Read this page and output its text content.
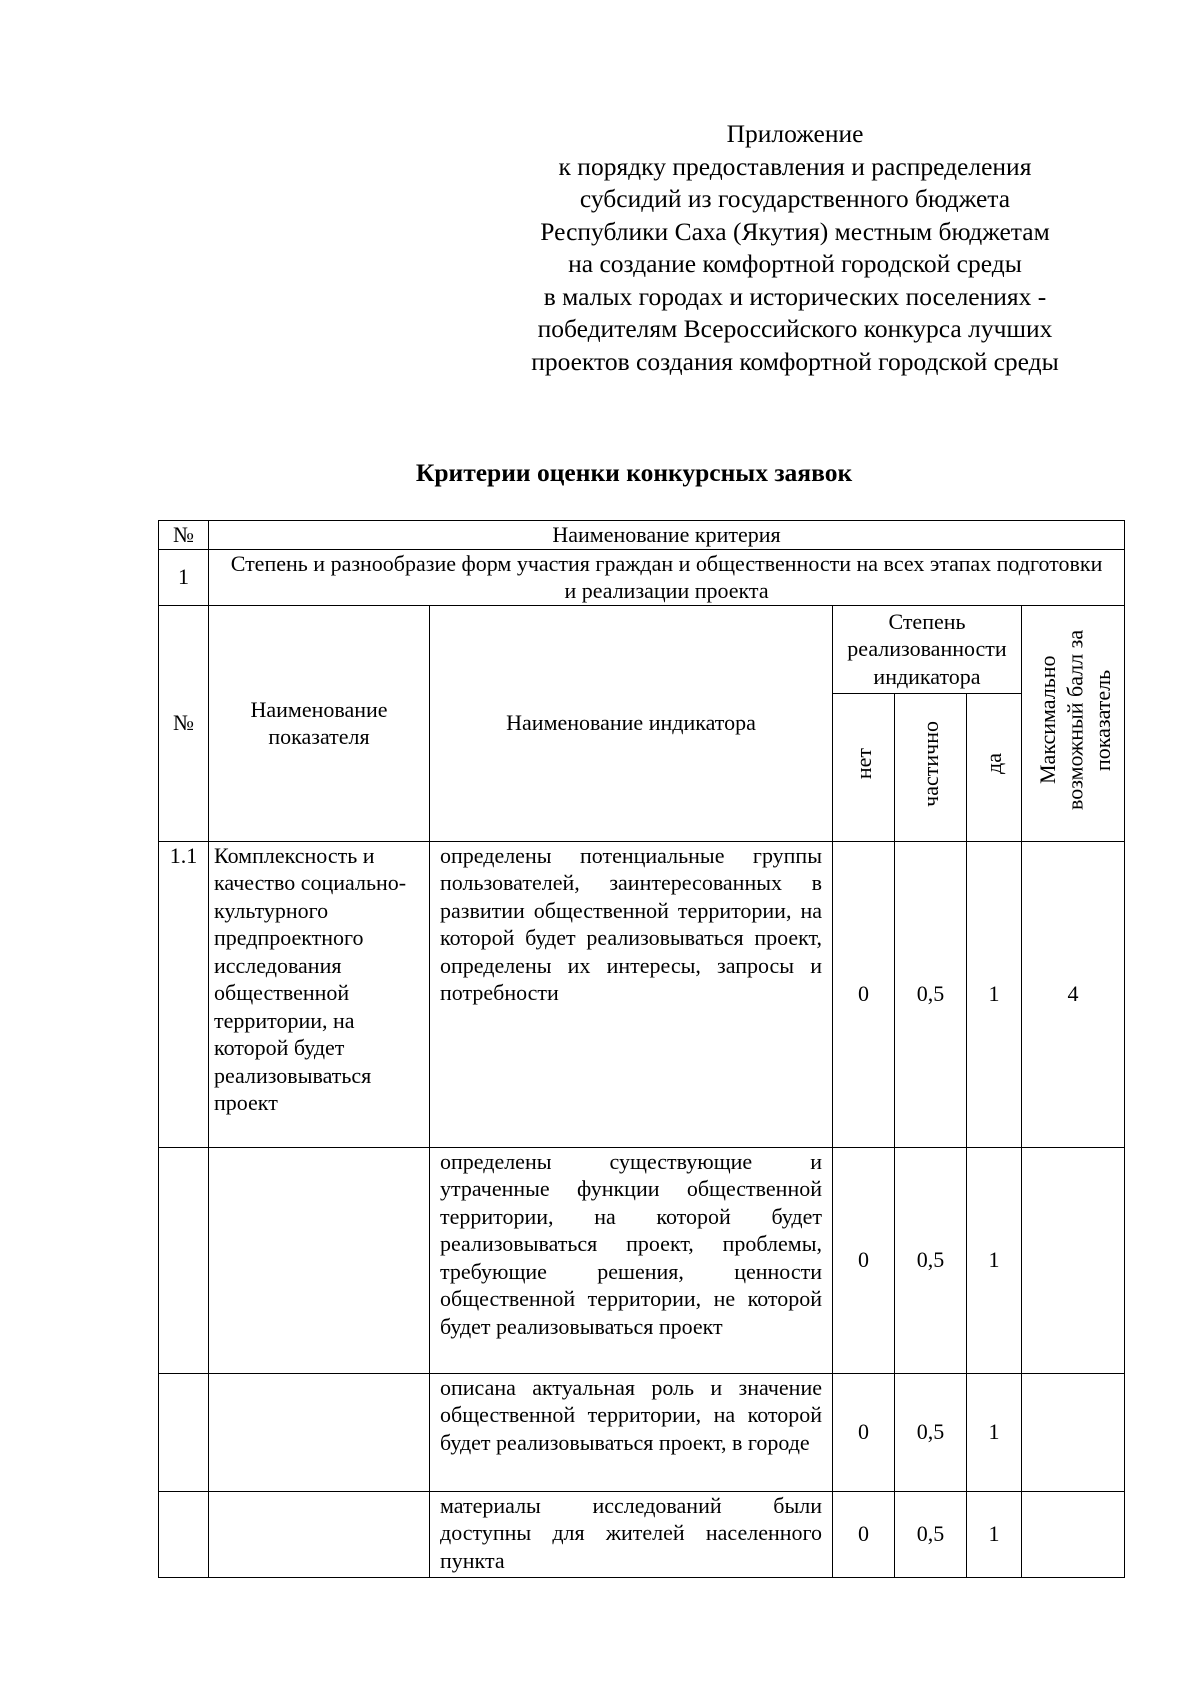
Приложение
к порядку предоставления и распределения
субсидий из государственного бюджета
Республики Саха (Якутия) местным бюджетам
на создание комфортной городской среды
в малых городах и исторических поселениях -
победителям Всероссийского конкурса лучших
проектов создания комфортной городской среды
Критерии оценки конкурсных заявок
№	Наименование критерия					
1	Степень и разнообразие форм участия граждан и общественности на всех этапах подготовки и реализации проекта					
№	Наименование показателя	Наименование индикатора	Степень реализованности индикатора			Максимально возможный балл за показатель
			нет	частично	да	
1.1	Комплексность и качество социально-культурного предпроектного исследования общественной территории, на которой будет реализовываться проект	определены потенциальные группы пользователей, заинтересованных в развитии общественной территории, на которой будет реализовываться проект, определены их интересы, запросы и потребности	0	0,5	1	4
		определены существующие и утраченные функции общественной территории, на которой будет реализовываться проект, проблемы, требующие решения, ценности общественной территории, не которой будет реализовываться проект	0	0,5	1	
		описана актуальная роль и значение общественной территории, на которой будет реализовываться проект, в городе	0	0,5	1	
		материалы исследований были доступны для жителей населенного пункта	0	0,5	1	
